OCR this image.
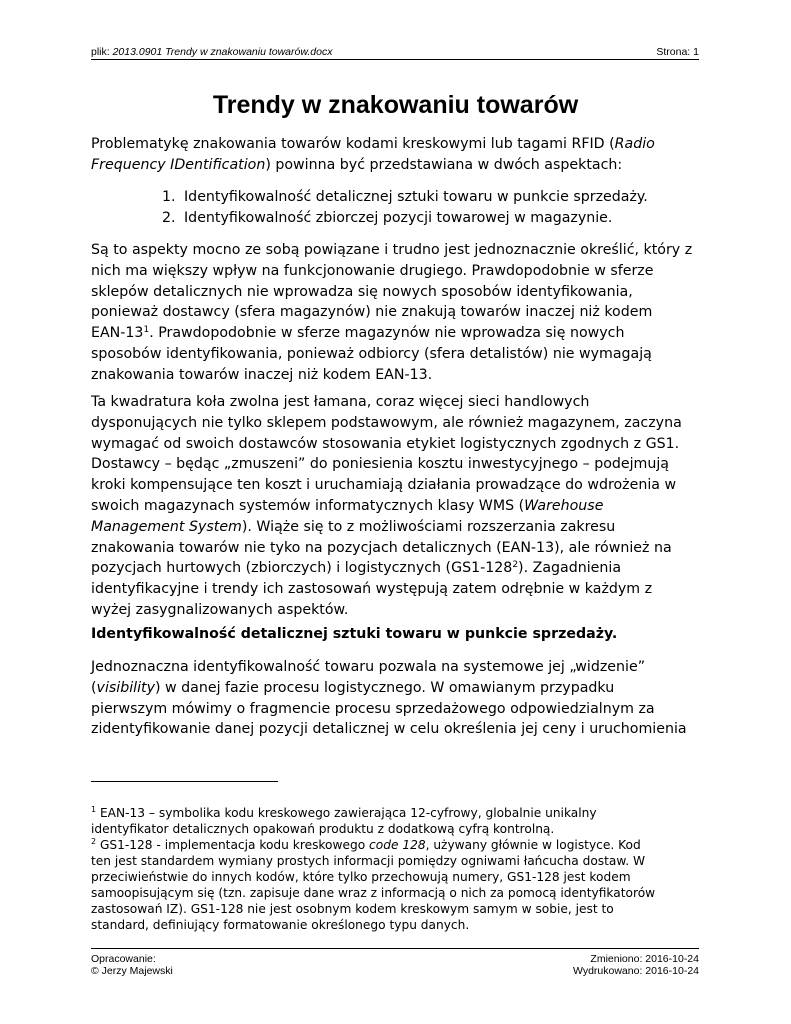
plik: 2013.0901 Trendy w znakowaniu towarów.docx	Strona: 1
Trendy w znakowaniu towarów
Problematykę znakowania towarów kodami kreskowymi lub tagami RFID (Radio
Frequency IDentification) powinna być przedstawiana w dwóch aspektach:
1. Identyfikowalność detalicznej sztuki towaru w punkcie sprzedaży.
2. Identyfikowalność zbiorczej pozycji towarowej w magazynie.
Są to aspekty mocno ze sobą powiązane i trudno jest jednoznacznie określić, który z
nich ma większy wpływ na funkcjonowanie drugiego. Prawdopodobnie w sferze
sklepów detalicznych nie wprowadza się nowych sposobów identyfikowania,
ponieważ dostawcy (sfera magazynów) nie znakują towarów inaczej niż kodem
EAN-$13^1$. Prawdopodobnie w sferze magazynów nie wprowadza się nowych
sposobów identyfikowania, ponieważ odbiorcy (sfera detalistów) nie wymagają
znakowania towarów inaczej niż kodem EAN-13.
Ta kwadratura koła zwolna jest łamana, coraz więcej sieci handlowych
dysponujących nie tylko sklepem podstawowym, ale również magazynem, zaczyna
wymagać od swoich dostawców stosowania etykiet logistycznych zgodnych z GS1.
Dostawcy – będąc „zmuszeni” do poniesienia kosztu inwestycyjnego – podejmują
kroki kompensujące ten koszt i uruchamiają działania prowadzące do wdrożenia w
swoich magazynach systemów informatycznych klasy WMS (Warehouse
Management System). Wiąże się to z możliwościami rozszerzania zakresu
znakowania towarów nie tyko na pozycjach detalicznych (EAN-13), ale również na
pozycjach hurtowych (zbiorczych) i logistycznych $(GS1-128^2)$. Zagadnienia
identyfikacyjne i trendy ich zastosowań występują zatem odrębnie w każdym z
wyżej zasygnalizowanych aspektów.
Identyfikowalność detalicznej sztuki towaru w punkcie sprzedaży.
Jednoznaczna identyfikowalność towaru pozwala na systemowe jej „widzenie”
(visibility) w danej fazie procesu logistycznego. W omawianym przypadku
pierwszym mówimy o fragmencie procesu sprzedażowego odpowiedzialnym za
zidentyfikowanie danej pozycji detalicznej w celu określenia jej ceny i uruchomienia
$^1$ EAN-13 – symbolika kodu kreskowego zawierająca 12-cyfrowy, globalnie unikalny
identyfikator detalicznych opakowań produktu z dodatkową cyfrą kontrolną.
$^2$ GS1-128 - implementacja kodu kreskowego code 128, używany głównie w logistyce. Kod
ten jest standardem wymiany prostych informacji pomiędzy ogniwami łańcucha dostaw. W
przeciwieństwie do innych kodów, które tylko przechowują numery, GS1-128 jest kodem
samoopisującym się (tzn. zapisuje dane wraz z informacją o nich za pomocą identyfikatorów
zastosowań IZ). GS1-128 nie jest osobnym kodem kreskowym samym w sobie, jest to
standard, definiujący formatowanie określonego typu danych.
Opracowanie:
© Jerzy Majewski
Zmieniono: 2016-10-24
Wydrukowano: 2016-10-24
